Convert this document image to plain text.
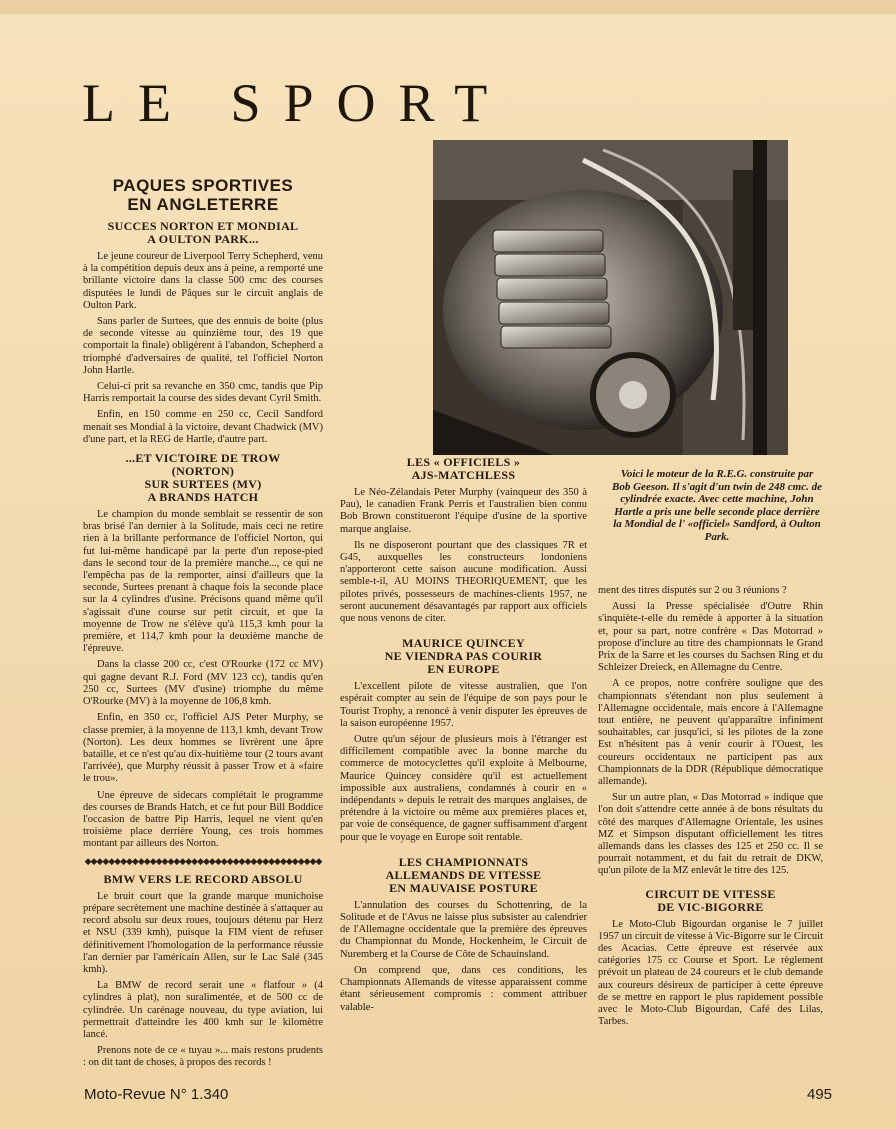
LE SPORT
PAQUES SPORTIVES
EN ANGLETERRE
SUCCES NORTON ET MONDIAL
A OULTON PARK...

Le jeune coureur de Liverpool Terry Schepherd, venu à la compétition depuis deux ans à peine, a remporté une brillante victoire dans la classe 500 cmc des courses disputées le lundi de Pâques sur le circuit anglais de Oulton Park.

Sans parler de Surtees, que des ennuis de boite (plus de seconde vitesse au quinzième tour, des 19 que comportait la finale) obligèrent à l'abandon, Schepherd a triomphé d'adversaires de qualité, tel l'officiel Norton John Hartle.

Celui-ci prit sa revanche en 350 cmc, tandis que Pip Harris remportait la course des sides devant Cyril Smith.

Enfin, en 150 comme en 250 cc, Cecil Sandford menait ses Mondial à la victoire, devant Chadwick (MV) d'une part, et la REG de Hartle, d'autre part.

...ET VICTOIRE DE TROW
(NORTON)
SUR SURTEES (MV)
A BRANDS HATCH

Le champion du monde semblait se ressentir de son bras brisé l'an dernier à la Solitude, mais ceci ne retire rien à la brillante performance de l'officiel Norton, qui fut lui-même handicapé par la perte d'un repose-pied dans le second tour de la première manche..., ce qui ne l'empêcha pas de la remporter, ainsi d'ailleurs que la seconde, Surtees prenant à chaque fois la seconde place sur la 4 cylindres d'usine. Précisons quand même qu'il s'agissait d'une course sur petit circuit, et que la moyenne de Trow ne s'élève qu'à 115,3 kmh pour la première, et 114,7 kmh pour la deuxième manche de l'épreuve.

Dans la classe 200 cc, c'est O'Rourke (172 cc MV) qui gagne devant R.J. Ford (MV 123 cc), tandis qu'en 250 cc, Surtees (MV d'usine) triomphe du même O'Rourke (MV) à la moyenne de 106,8 kmh.

Enfin, en 350 cc, l'officiel AJS Peter Murphy, se classe premier, à la moyenne de 113,1 kmh, devant Trow (Norton). Les deux hommes se livrèrent une âpre bataille, et ce n'est qu'au dix-huitième tour (2 tours avant l'arrivée), que Murphy réussit à passer Trow et à «faire le trou».

Une épreuve de sidecars complétait le programme des courses de Brands Hatch, et ce fut pour Bill Boddice l'occasion de battre Pip Harris, lequel ne vient qu'en troisième place derrière Young, ces trois hommes montant par ailleurs des Norton.

◆◆◆◆◆◆◆◆◆◆◆◆◆◆◆◆◆◆◆◆◆◆◆◆◆◆◆◆◆◆◆◆◆◆◆◆◆◆◆◆
BMW VERS LE RECORD ABSOLU

Le bruit court que la grande marque munichoise prépare secrètement une machine destinée à s'attaquer au record absolu sur deux roues, toujours détenu par Herz et NSU (339 kmh), puisque la FIM vient de refuser définitivement l'homologation de la performance réussie l'an dernier par l'américain Allen, sur le Lac Salé (345 kmh).

La BMW de record serait une « flatfour » (4 cylindres à plat), non suralimentée, et de 500 cc de cylindrée. Un carénage nouveau, du type aviation, lui permettrait d'atteindre les 400 kmh sur le kilomètre lancé.

Prenons note de ce « tuyau »... mais restons prudents : on dit tant de choses, à propos des records !

Voici le moteur de la R.E.G. construite par Bob Geeson. Il s'agit d'un twin de 248 cmc. de cylindrée exacte. Avec cette machine, John Hartle a pris une belle seconde place derrière la Mondial de l' «officiel» Sandford, à Oulton Park.
LES « OFFICIELS »
AJS-MATCHLESS

Le Néo-Zélandais Peter Murphy (vainqueur des 350 à Pau), le canadien Frank Perris et l'australien bien connu Bob Brown constitueront l'équipe d'usine de la sportive marque anglaise.

Ils ne disposeront pourtant que des classiques 7R et G45, auxquelles les constructeurs londoniens n'apporteront cette saison aucune modification. Aussi semble-t-il, AU MOINS THEORIQUEMENT, que les pilotes privés, possesseurs de machines-clients 1957, ne seront aucunement désavantagés par rapport aux officiels que nous venons de citer.

MAURICE QUINCEY
NE VIENDRA PAS COURIR
EN EUROPE

L'excellent pilote de vitesse australien, que l'on espérait compter au sein de l'équipe de son pays pour le Tourist Trophy, a renoncé à venir disputer les épreuves de la saison européenne 1957.

Outre qu'un séjour de plusieurs mois à l'étranger est difficilement compatible avec la bonne marche du commerce de motocyclettes qu'il exploite à Melbourne, Maurice Quincey considère qu'il est actuellement impossible aux australiens, condamnés à courir en « indépendants » depuis le retrait des marques anglaises, de prétendre à la victoire ou même aux premières places et, par voie de conséquence, de gagner suffisamment d'argent pour que le voyage en Europe soit rentable.

LES CHAMPIONNATS
ALLEMANDS DE VITESSE
EN MAUVAISE POSTURE

L'annulation des courses du Schottenring, de la Solitude et de l'Avus ne laisse plus subsister au calendrier de l'Allemagne occidentale que la première des épreuves du Championnat du Monde, Hockenheim, le Circuit de Nuremberg et la Course de Côte de Schauinsland.

On comprend que, dans ces conditions, les Championnats Allemands de vitesse apparaissent comme étant sérieusement compromis : comment attribuer valable-

ment des titres disputés sur 2 ou 3 réunions ?

Aussi la Presse spécialisée d'Outre Rhin s'inquiète-t-elle du remède à apporter à la situation et, pour sa part, notre confrère « Das Motorrad » propose d'inclure au titre des championnats le Grand Prix de la Sarre et les courses du Sachsen Ring et du Schleizer Dreieck, en Allemagne du Centre.

A ce propos, notre confrère souligne que des championnats s'étendant non plus seulement à l'Allemagne occidentale, mais encore à l'Allemagne tout entière, ne peuvent qu'apparaître infiniment souhaitables, car jusqu'ici, si les pilotes de la zone Est n'hésitent pas à venir courir à l'Ouest, les coureurs occidentaux ne participent pas aux Championnats de la DDR (République démocratique allemande).

Sur un autre plan, « Das Motorrad » indique que l'on doit s'attendre cette année à de bons résultats du côté des marques d'Allemagne Orientale, les usines MZ et Simpson disputant officiellement les titres allemands dans les classes des 125 et 250 cc. Il se pourrait notamment, et du fait du retrait de DKW, qu'un pilote de la MZ enlevât le titre des 125.

CIRCUIT DE VITESSE
DE VIC-BIGORRE

Le Moto-Club Bigourdan organise le 7 juillet 1957 un circuit de vitesse à Vic-Bigorre sur le Circuit des Acacias. Cette épreuve est réservée aux catégories 175 cc Course et Sport. Le règlement prévoit un plateau de 24 coureurs et le club demande aux coureurs désireux de participer à cette épreuve de se mettre en rapport le plus rapidement possible avec le Moto-Club Bigourdan, Café des Lilas, Tarbes.

Moto-Revue N° 1.340	495
